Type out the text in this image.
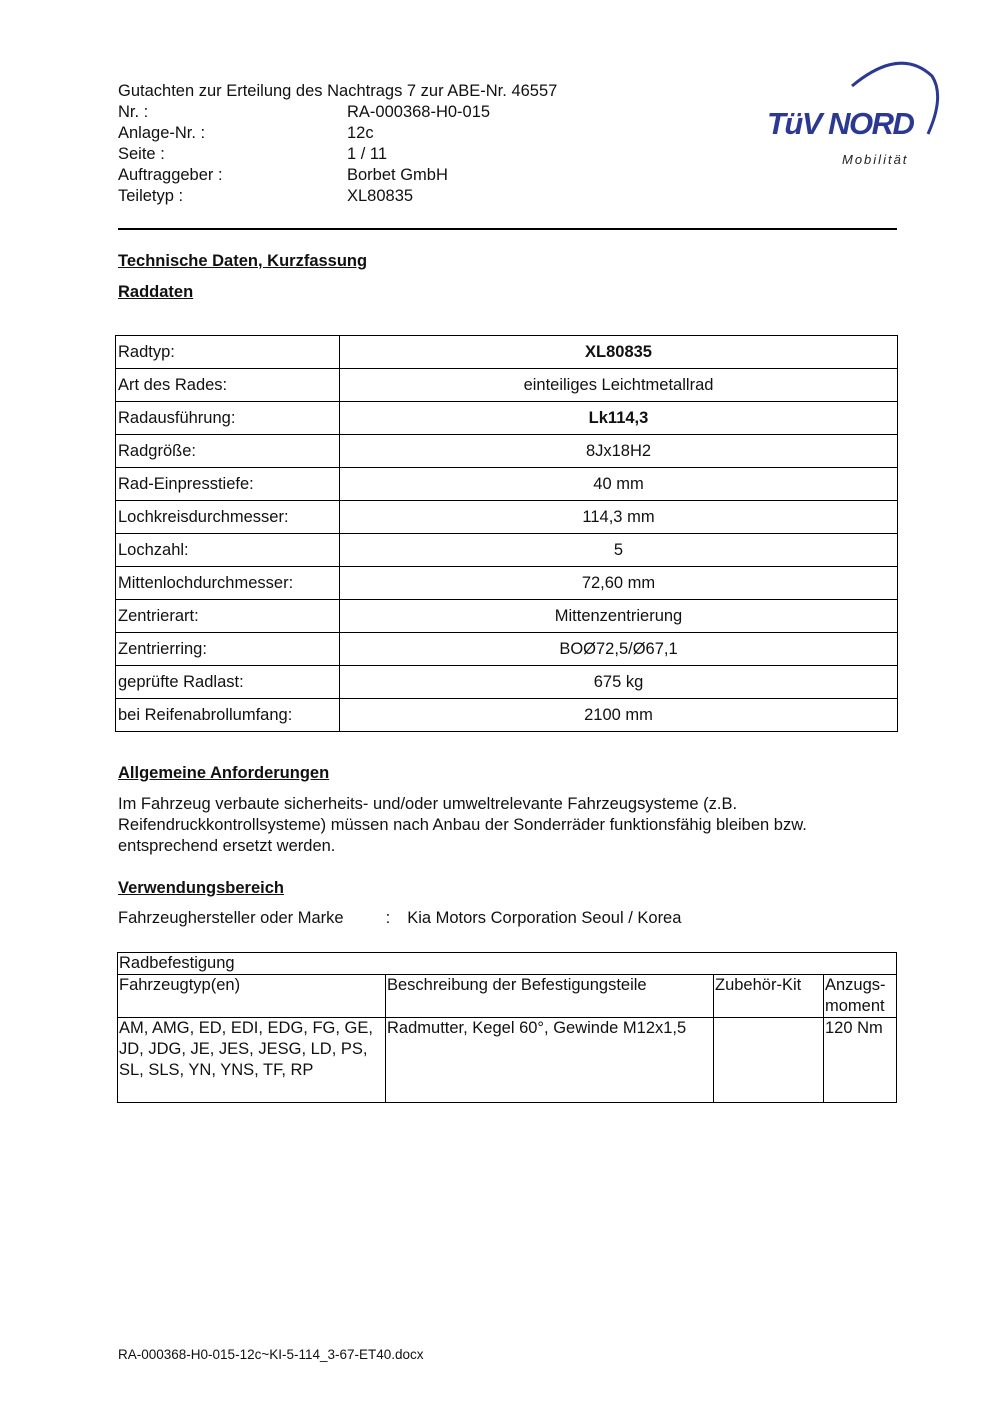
Gutachten zur Erteilung des Nachtrags 7 zur ABE-Nr. 46557
Nr. :	RA-000368-H0-015
Anlage-Nr. :	12c
Seite :	1 / 11
Auftraggeber :	Borbet GmbH
Teiletyp :	XL80835
TüV NORD
Mobilität
Technische Daten, Kurzfassung
Raddaten
Radtyp:	XL80835
Art des Rades:	einteiliges Leichtmetallrad
Radausführung:	Lk114,3
Radgröße:	8Jx18H2
Rad-Einpresstiefe:	40 mm
Lochkreisdurchmesser:	114,3 mm
Lochzahl:	5
Mittenlochdurchmesser:	72,60 mm
Zentrierart:	Mittenzentrierung
Zentrierring:	BOØ72,5/Ø67,1
geprüfte Radlast:	675 kg
bei Reifenabrollumfang:	2100 mm
Allgemeine Anforderungen
Im Fahrzeug verbaute sicherheits- und/oder umweltrelevante Fahrzeugsysteme (z.B. Reifendruckkontrollsysteme) müssen nach Anbau der Sonderräder funktionsfähig bleiben bzw. entsprechend ersetzt werden.
Verwendungsbereich
Fahrzeughersteller oder Marke	: Kia Motors Corporation Seoul / Korea
Radbefestigung			
Fahrzeugtyp(en)	Beschreibung der Befestigungsteile	Zubehör-Kit	Anzugs-
moment

AM, AMG, ED, EDI, EDG, FG, GE, JD, JDG, JE, JES, JESG, LD, PS, SL, SLS, YN, YNS, TF, RP	Radmutter, Kegel 60°, Gewinde M12x1,5		120 Nm
RA-000368-H0-015-12c~KI-5-114_3-67-ET40.docx
